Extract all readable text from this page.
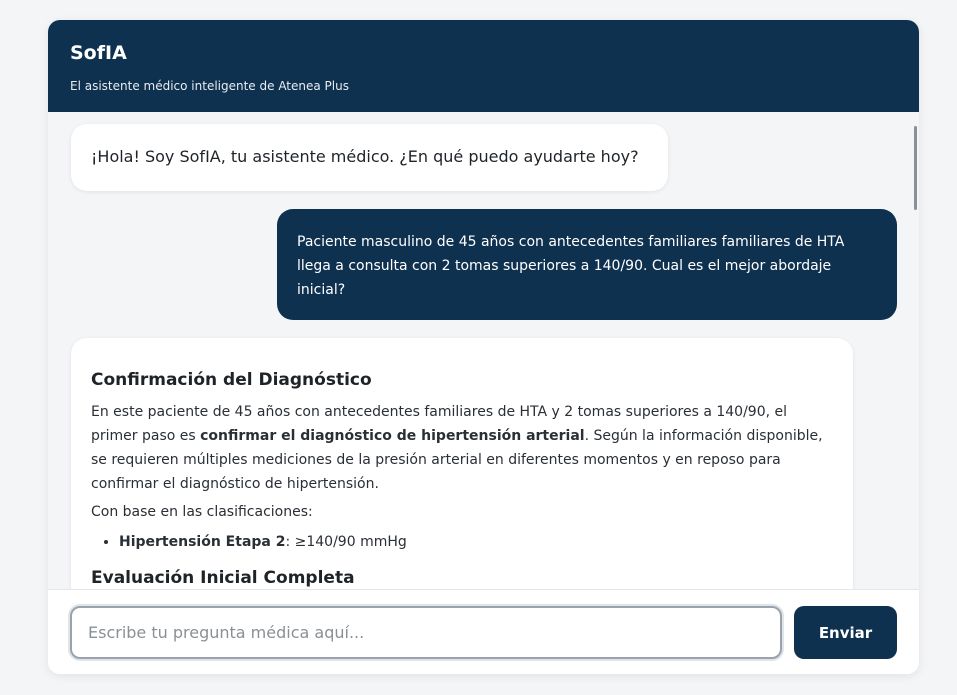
SofIA
El asistente médico inteligente de Atenea Plus
¡Hola! Soy SofIA, tu asistente médico. ¿En qué puedo ayudarte hoy?
Paciente masculino de 45 años con antecedentes familiares familiares de HTA llega a consulta con 2 tomas superiores a 140/90. Cual es el mejor abordaje inicial?
Confirmación del Diagnóstico

En este paciente de 45 años con antecedentes familiares de HTA y 2 tomas superiores a 140/90, el primer paso es confirmar el diagnóstico de hipertensión arterial. Según la información disponible, se requieren múltiples mediciones de la presión arterial en diferentes momentos y en reposo para confirmar el diagnóstico de hipertensión.

Con base en las clasificaciones:

• Hipertensión Etapa 2: ≥140/90 mmHg
Evaluación Inicial Completa
Escribe tu pregunta médica aquí...
Enviar
